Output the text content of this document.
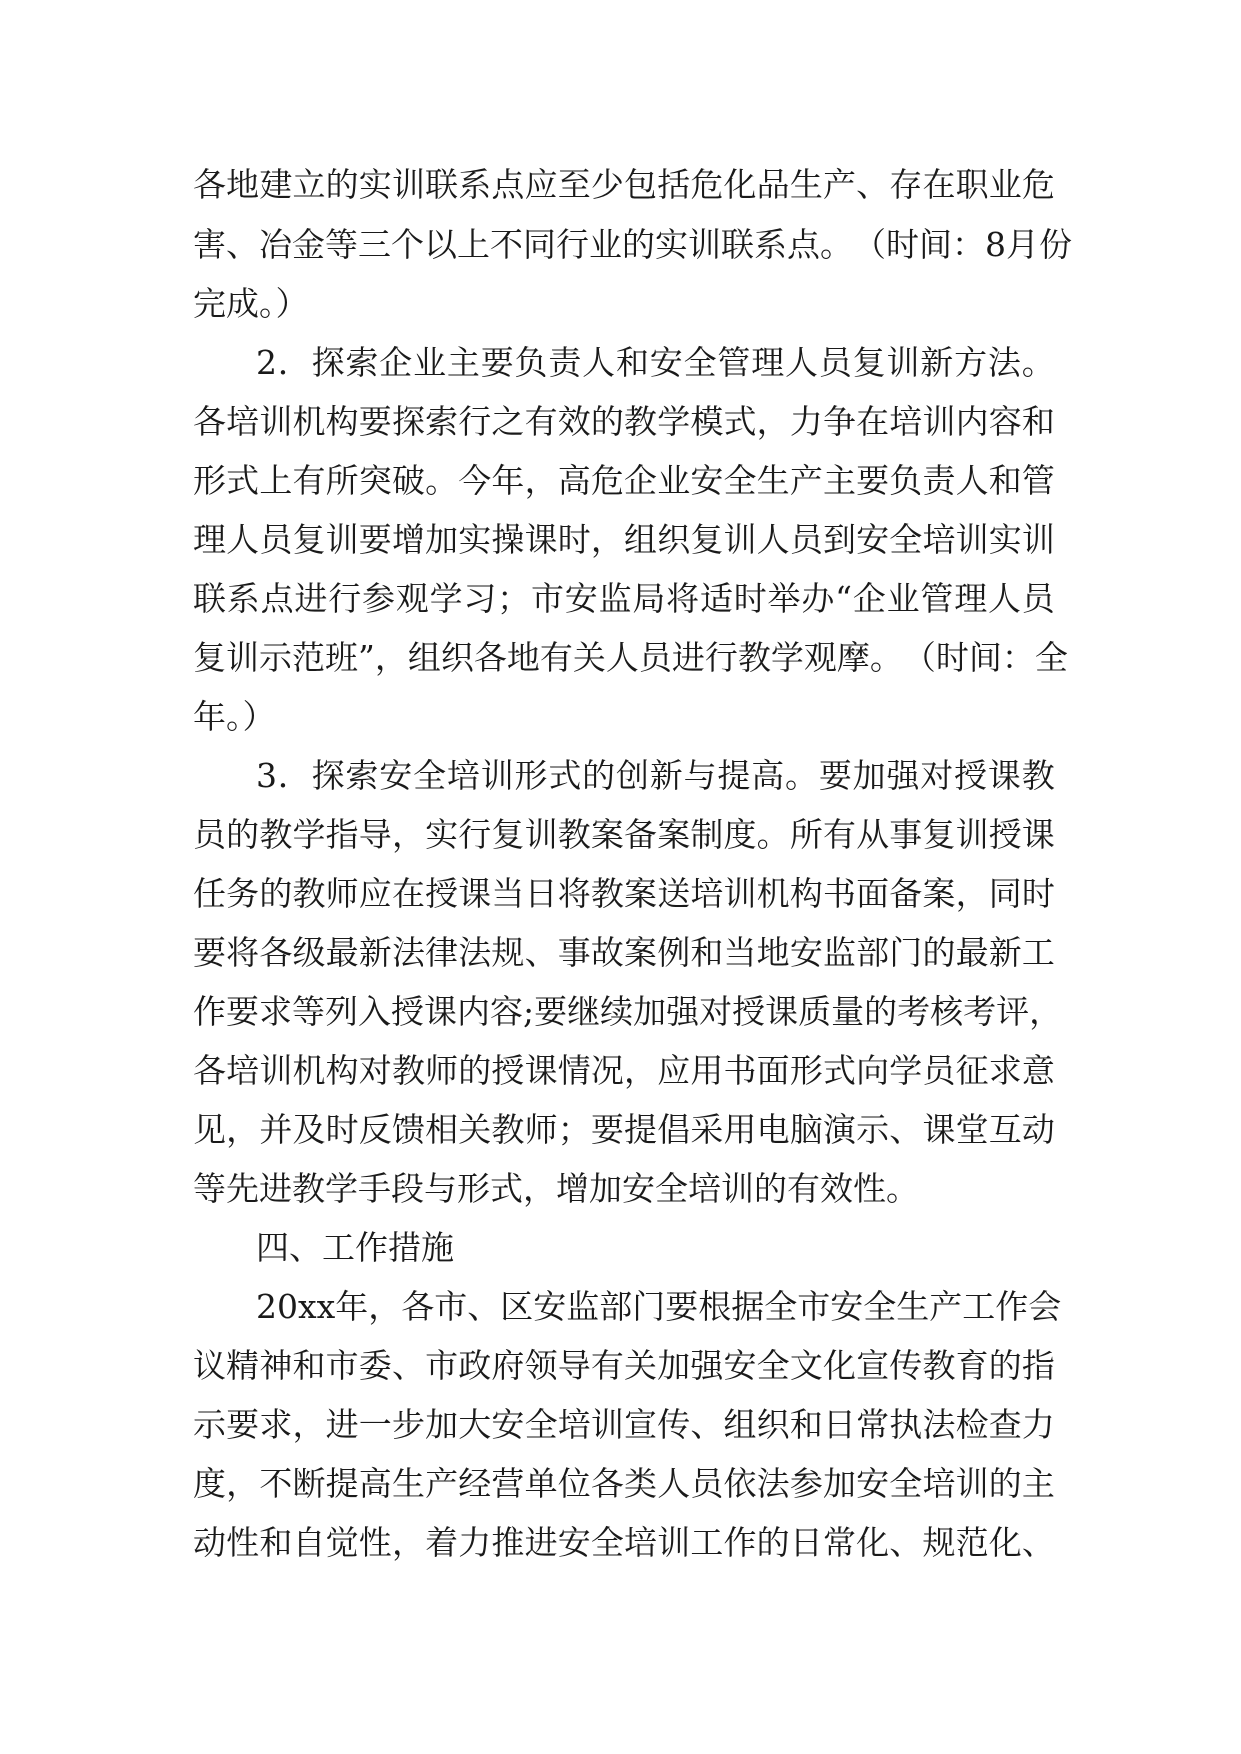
各 地 建 立 的 实 训 联 系 点 应 至 少 包 括 危 化 品 生 产 、 存 在 职 业 危
害 、 冶 金 等 三 个 以 上 不 同 行 业 的 实 训 联 系 点 。 （ 时 间 ： 8 月 份
完成。）
2 ． 探 索 企 业 主 要 负 责 人 和 安 全 管 理 人 员 复 训 新 方 法 。
各 培 训 机 构 要 探 索 行 之 有 效 的 教 学 模 式 ， 力 争 在 培 训 内 容 和
形 式 上 有 所 突 破 。 今 年 ， 高 危 企 业 安 全 生 产 主 要 负 责 人 和 管
理 人 员 复 训 要 增 加 实 操 课 时 ， 组 织 复 训 人 员 到 安 全 培 训 实 训
联 系 点 进 行 参 观 学 习 ； 市 安 监 局 将 适 时 举 办 “ 企 业 管 理 人 员
复 训 示 范 班 ” ， 组 织 各 地 有 关 人 员 进 行 教 学 观 摩 。 （ 时 间 ： 全
年。）
3 ． 探 索 安 全 培 训 形 式 的 创 新 与 提 高 。 要 加 强 对 授 课 教
员 的 教 学 指 导 ， 实 行 复 训 教 案 备 案 制 度 。 所 有 从 事 复 训 授 课
任 务 的 教 师 应 在 授 课 当 日 将 教 案 送 培 训 机 构 书 面 备 案 ， 同 时
要 将 各 级 最 新 法 律 法 规 、 事 故 案 例 和 当 地 安 监 部 门 的 最 新 工
作 要 求 等 列 入 授 课 内 容 ; 要 继 续 加 强 对 授 课 质 量 的 考 核 考 评 ，
各 培 训 机 构 对 教 师 的 授 课 情 况 ， 应 用 书 面 形 式 向 学 员 征 求 意
见 ， 并 及 时 反 馈 相 关 教 师 ； 要 提 倡 采 用 电 脑 演 示 、 课 堂 互 动
等先进教学手段与形式，增加安全培训的有效性。
四、工作措施
20xx 年 ， 各 市 、 区 安 监 部 门 要 根 据 全 市 安 全 生 产 工 作 会
议 精 神 和 市 委 、 市 政 府 领 导 有 关 加 强 安 全 文 化 宣 传 教 育 的 指
示 要 求 ， 进 一 步 加 大 安 全 培 训 宣 传 、 组 织 和 日 常 执 法 检 查 力
度 ， 不 断 提 高 生 产 经 营 单 位 各 类 人 员 依 法 参 加 安 全 培 训 的 主
动 性 和 自 觉 性 ， 着 力 推 进 安 全 培 训 工 作 的 日 常 化 、 规 范 化 、
